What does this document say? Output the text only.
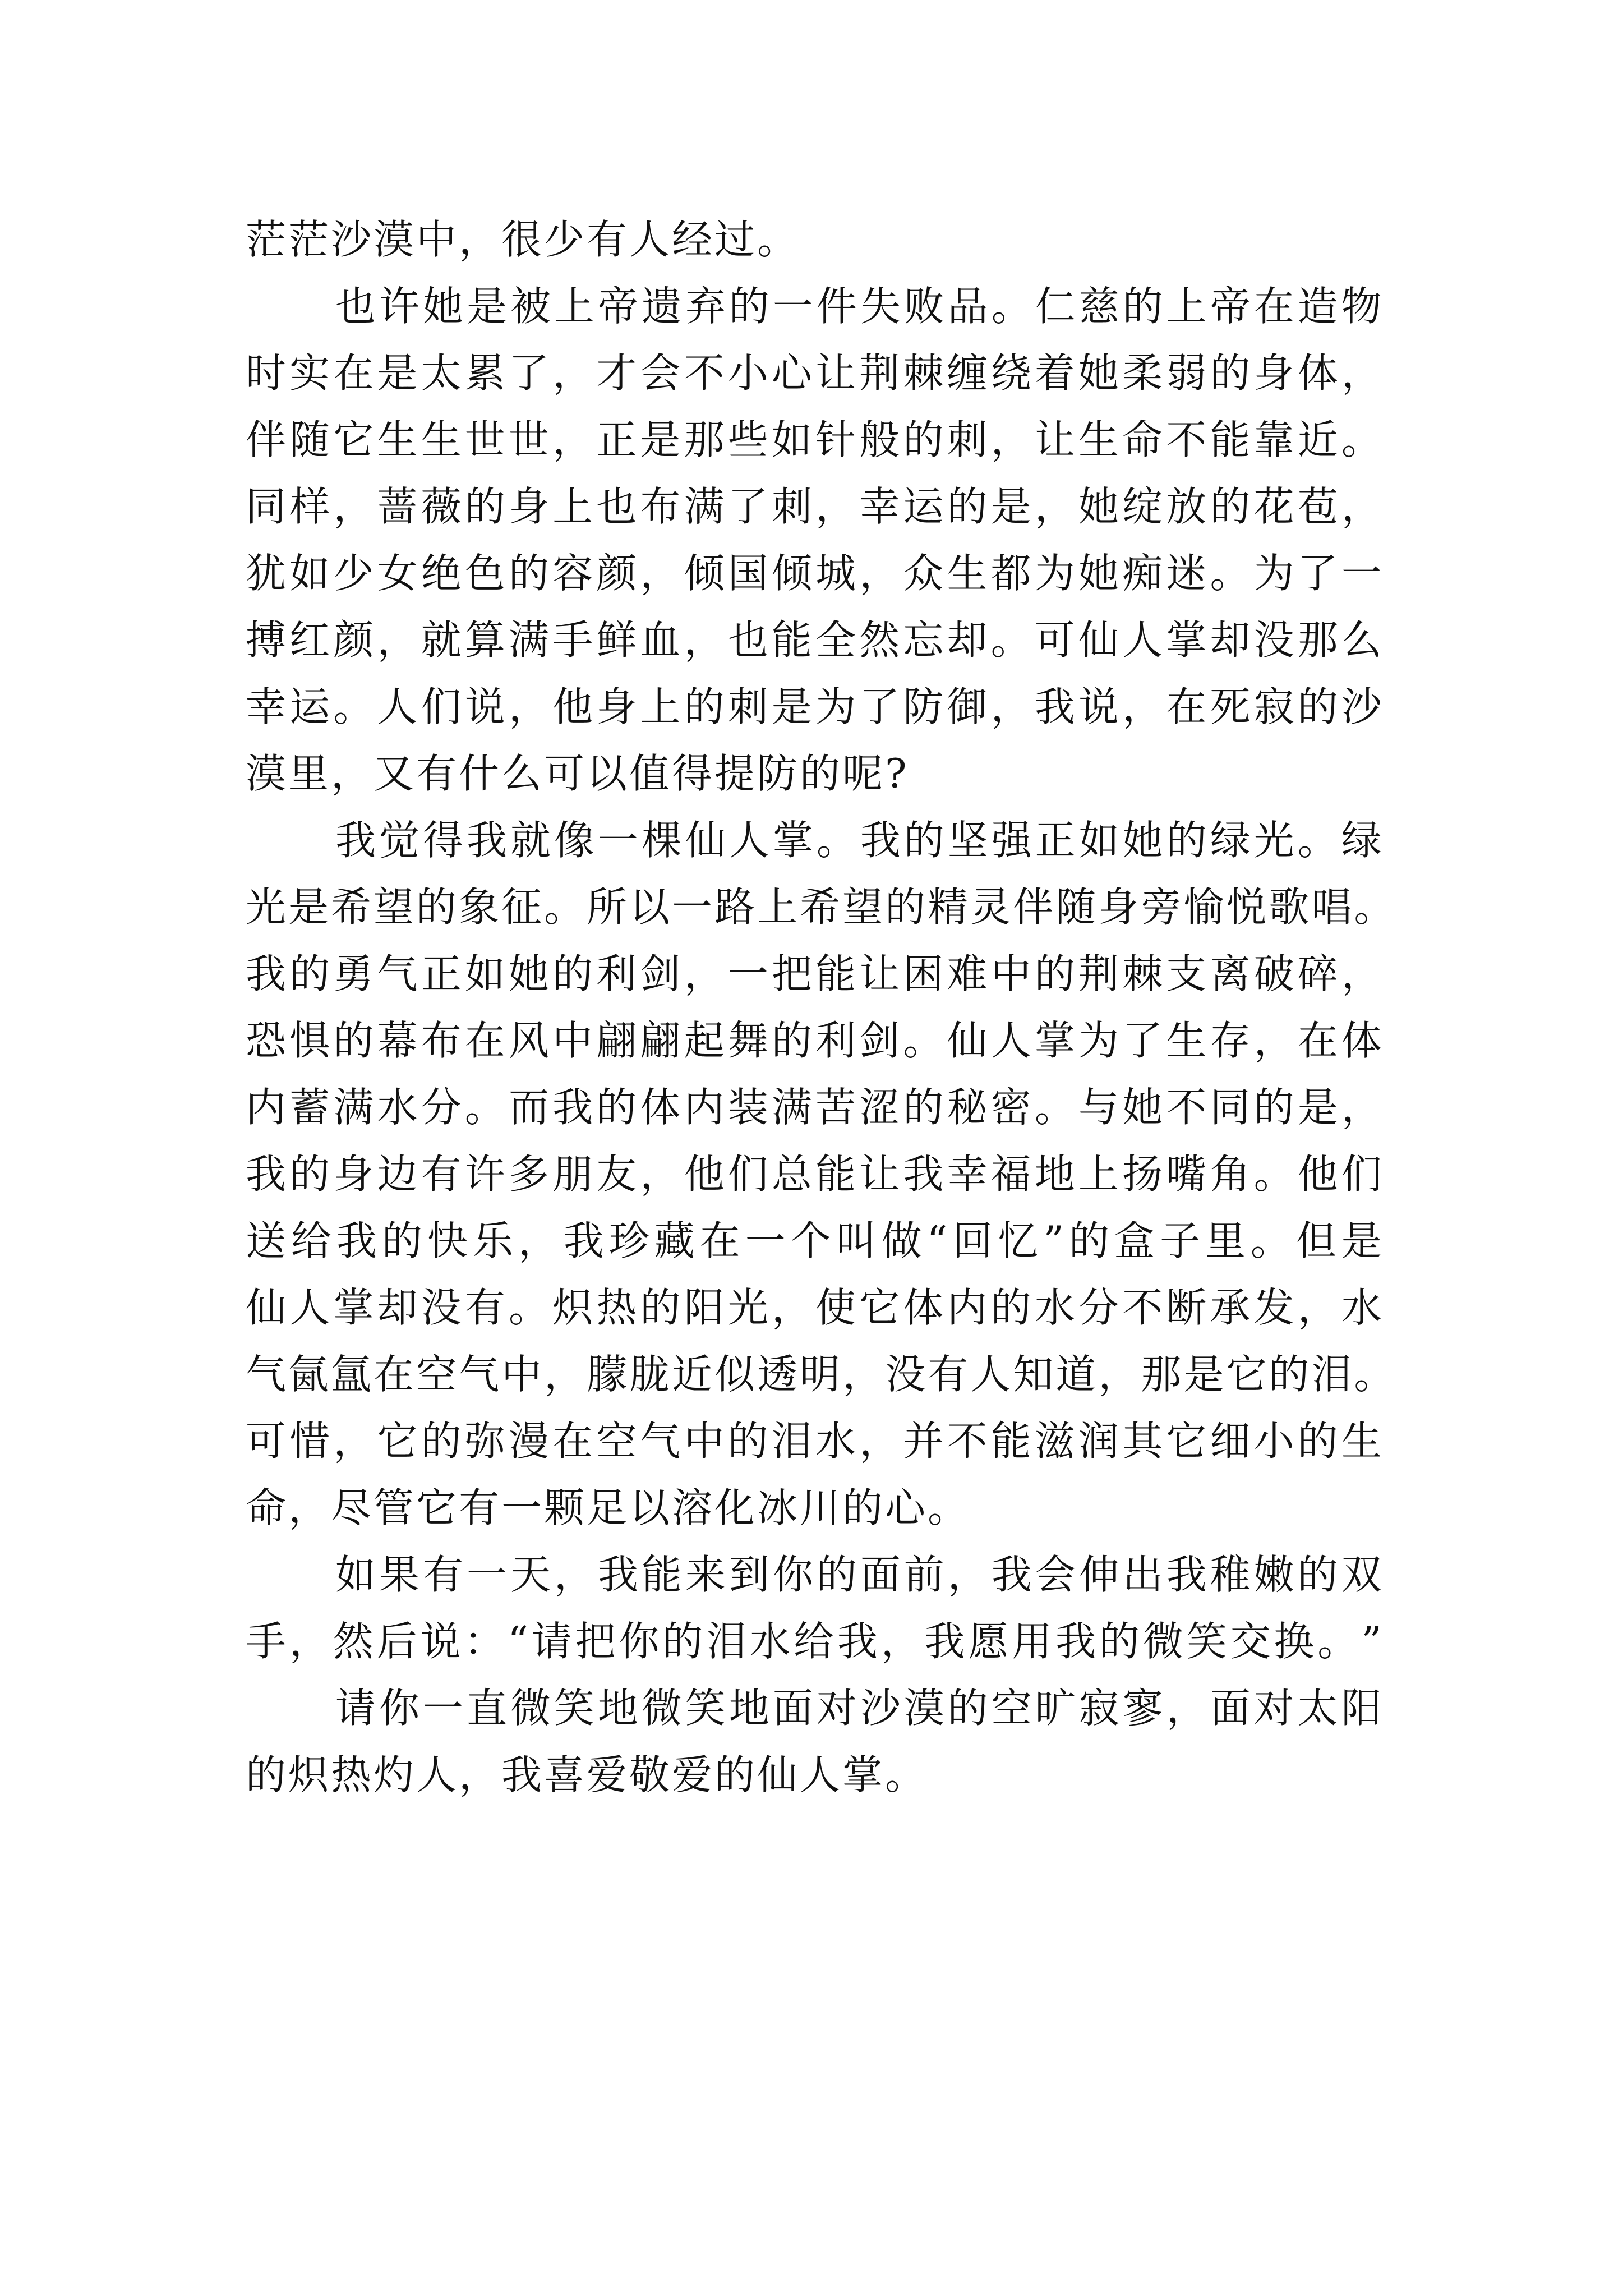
茫茫沙漠中，很少有人经过。
也 许 她 是 被 上 帝 遗 弃 的 一 件 失 败 品 。 仁 慈 的 上 帝 在 造 物
时 实 在 是 太 累 了 ， 才 会 不 小 心 让 荆 棘 缠 绕 着 她 柔 弱 的 身 体 ，
伴 随 它 生 生 世 世 ， 正 是 那 些 如 针 般 的 刺 ， 让 生 命 不 能 靠 近 。
同 样 ， 蔷 薇 的 身 上 也 布 满 了 刺 ， 幸 运 的 是 ， 她 绽 放 的 花 苞 ，
犹 如 少 女 绝 色 的 容 颜 ， 倾 国 倾 城 ， 众 生 都 为 她 痴 迷 。 为 了 一
搏 红 颜 ， 就 算 满 手 鲜 血 ， 也 能 全 然 忘 却 。 可 仙 人 掌 却 没 那 么
幸 运 。 人 们 说 ， 他 身 上 的 刺 是 为 了 防 御 ， 我 说 ， 在 死 寂 的 沙
漠里，又有什么可以值得提防的呢?
我 觉 得 我 就 像 一 棵 仙 人 掌 。 我 的 坚 强 正 如 她 的 绿 光 。 绿
光 是 希 望 的 象 征 。 所 以 一 路 上 希 望 的 精 灵 伴 随 身 旁 愉 悦 歌 唱 。
我 的 勇 气 正 如 她 的 利 剑 ， 一 把 能 让 困 难 中 的 荆 棘 支 离 破 碎 ，
恐 惧 的 幕 布 在 风 中 翩 翩 起 舞 的 利 剑 。 仙 人 掌 为 了 生 存 ， 在 体
内 蓄 满 水 分 。 而 我 的 体 内 装 满 苦 涩 的 秘 密 。 与 她 不 同 的 是 ，
我 的 身 边 有 许 多 朋 友 ， 他 们 总 能 让 我 幸 福 地 上 扬 嘴 角 。 他 们
送 给 我 的 快 乐 ， 我 珍 藏 在 一 个 叫 做 “ 回 忆 ” 的 盒 子 里 。 但 是
仙 人 掌 却 没 有 。 炽 热 的 阳 光 ， 使 它 体 内 的 水 分 不 断 承 发 ， 水
气 氤 氲 在 空 气 中 ， 朦 胧 近 似 透 明 ， 没 有 人 知 道 ， 那 是 它 的 泪 。
可 惜 ， 它 的 弥 漫 在 空 气 中 的 泪 水 ， 并 不 能 滋 润 其 它 细 小 的 生
命，尽管它有一颗足以溶化冰川的心。
如 果 有 一 天 ， 我 能 来 到 你 的 面 前 ， 我 会 伸 出 我 稚 嫩 的 双
手 ， 然 后 说 ： “ 请 把 你 的 泪 水 给 我 ， 我 愿 用 我 的 微 笑 交 换 。 ”
请 你 一 直 微 笑 地 微 笑 地 面 对 沙 漠 的 空 旷 寂 寥 ， 面 对 太 阳
的炽热灼人，我喜爱敬爱的仙人掌。
